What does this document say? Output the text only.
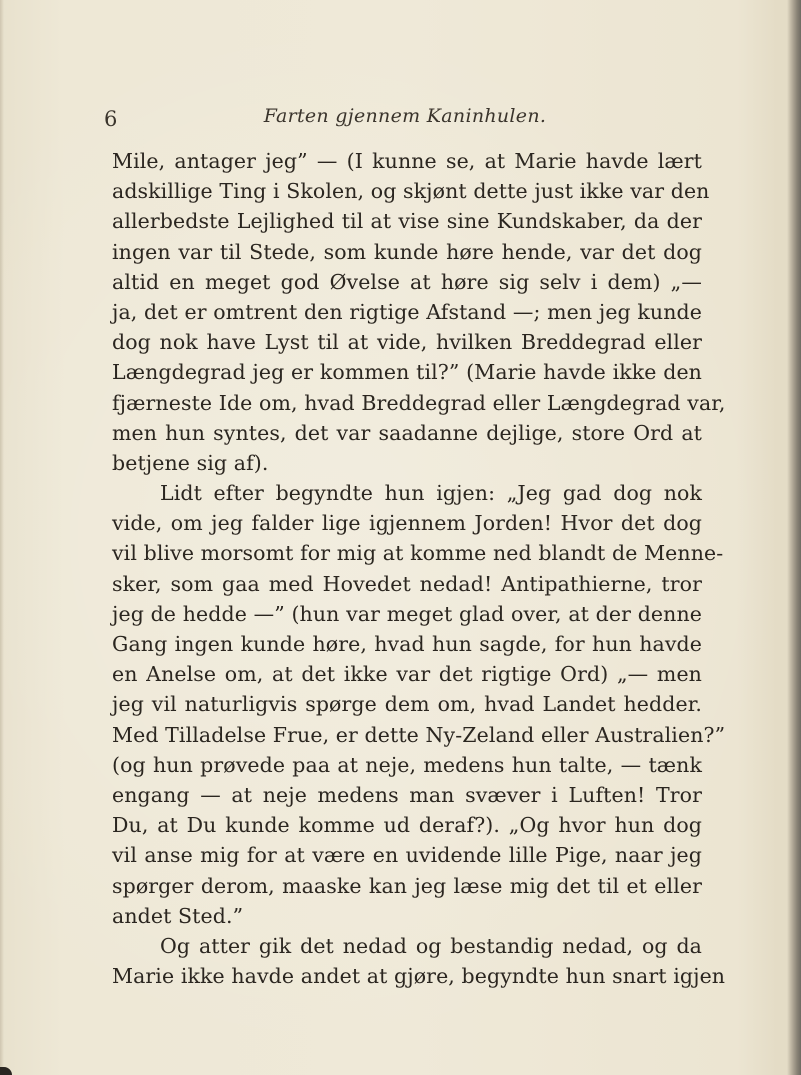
6	Farten gjennem Kaninhulen.
Mile, antager jeg” — (I kunne se, at Marie havde lært
adskillige Ting i Skolen, og skjønt dette just ikke var den
allerbedste Lejlighed til at vise sine Kundskaber, da der
ingen var til Stede, som kunde høre hende, var det dog
altid en meget god Øvelse at høre sig selv i dem) „—
ja, det er omtrent den rigtige Afstand —; men jeg kunde
dog nok have Lyst til at vide, hvilken Breddegrad eller
Længdegrad jeg er kommen til?” (Marie havde ikke den
fjærneste Ide om, hvad Breddegrad eller Længdegrad var,
men hun syntes, det var saadanne dejlige, store Ord at
betjene sig af).
Lidt efter begyndte hun igjen: „Jeg gad dog nok
vide, om jeg falder lige igjennem Jorden! Hvor det dog
vil blive morsomt for mig at komme ned blandt de Menne-
sker, som gaa med Hovedet nedad! Antipathierne, tror
jeg de hedde —” (hun var meget glad over, at der denne
Gang ingen kunde høre, hvad hun sagde, for hun havde
en Anelse om, at det ikke var det rigtige Ord) „— men
jeg vil naturligvis spørge dem om, hvad Landet hedder.
Med Tilladelse Frue, er dette Ny-Zeland eller Australien?”
(og hun prøvede paa at neje, medens hun talte, — tænk
engang — at neje medens man svæver i Luften! Tror
Du, at Du kunde komme ud deraf?). „Og hvor hun dog
vil anse mig for at være en uvidende lille Pige, naar jeg
spørger derom, maaske kan jeg læse mig det til et eller
andet Sted.”
Og atter gik det nedad og bestandig nedad, og da
Marie ikke havde andet at gjøre, begyndte hun snart igjen
